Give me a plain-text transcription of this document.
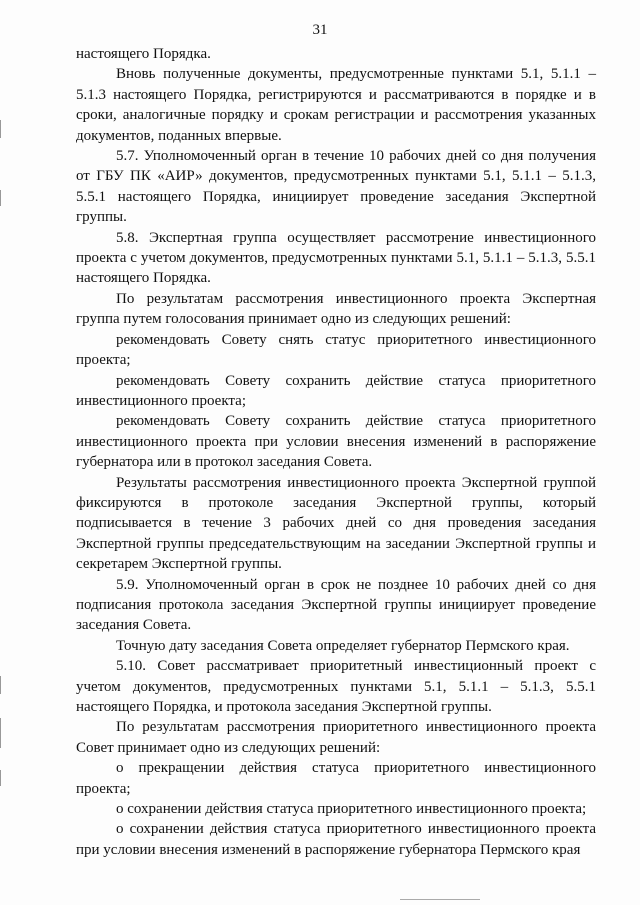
31

настоящего Порядка.

Вновь полученные документы, предусмотренные пунктами 5.1, 5.1.1 – 5.1.3 настоящего Порядка, регистрируются и рассматриваются в порядке и в сроки, аналогичные порядку и срокам регистрации и рассмотрения указанных документов, поданных впервые.

5.7. Уполномоченный орган в течение 10 рабочих дней со дня получения от ГБУ ПК «АИР» документов, предусмотренных пунктами 5.1, 5.1.1 – 5.1.3, 5.5.1 настоящего Порядка, инициирует проведение заседания Экспертной группы.

5.8. Экспертная группа осуществляет рассмотрение инвестиционного проекта с учетом документов, предусмотренных пунктами 5.1, 5.1.1 – 5.1.3, 5.5.1 настоящего Порядка.

По результатам рассмотрения инвестиционного проекта Экспертная группа путем голосования принимает одно из следующих решений:

рекомендовать Совету снять статус приоритетного инвестиционного проекта;

рекомендовать Совету сохранить действие статуса приоритетного инвестиционного проекта;

рекомендовать Совету сохранить действие статуса приоритетного инвестиционного проекта при условии внесения изменений в распоряжение губернатора или в протокол заседания Совета.

Результаты рассмотрения инвестиционного проекта Экспертной группой фиксируются в протоколе заседания Экспертной группы, который подписывается в течение 3 рабочих дней со дня проведения заседания Экспертной группы председательствующим на заседании Экспертной группы и секретарем Экспертной группы.

5.9. Уполномоченный орган в срок не позднее 10 рабочих дней со дня подписания протокола заседания Экспертной группы инициирует проведение заседания Совета.

Точную дату заседания Совета определяет губернатор Пермского края.

5.10. Совет рассматривает приоритетный инвестиционный проект с учетом документов, предусмотренных пунктами 5.1, 5.1.1 – 5.1.3, 5.5.1 настоящего Порядка, и протокола заседания Экспертной группы.

По результатам рассмотрения приоритетного инвестиционного проекта Совет принимает одно из следующих решений:

о прекращении действия статуса приоритетного инвестиционного проекта;

о сохранении действия статуса приоритетного инвестиционного проекта;

о сохранении действия статуса приоритетного инвестиционного проекта при условии внесения изменений в распоряжение губернатора Пермского края
